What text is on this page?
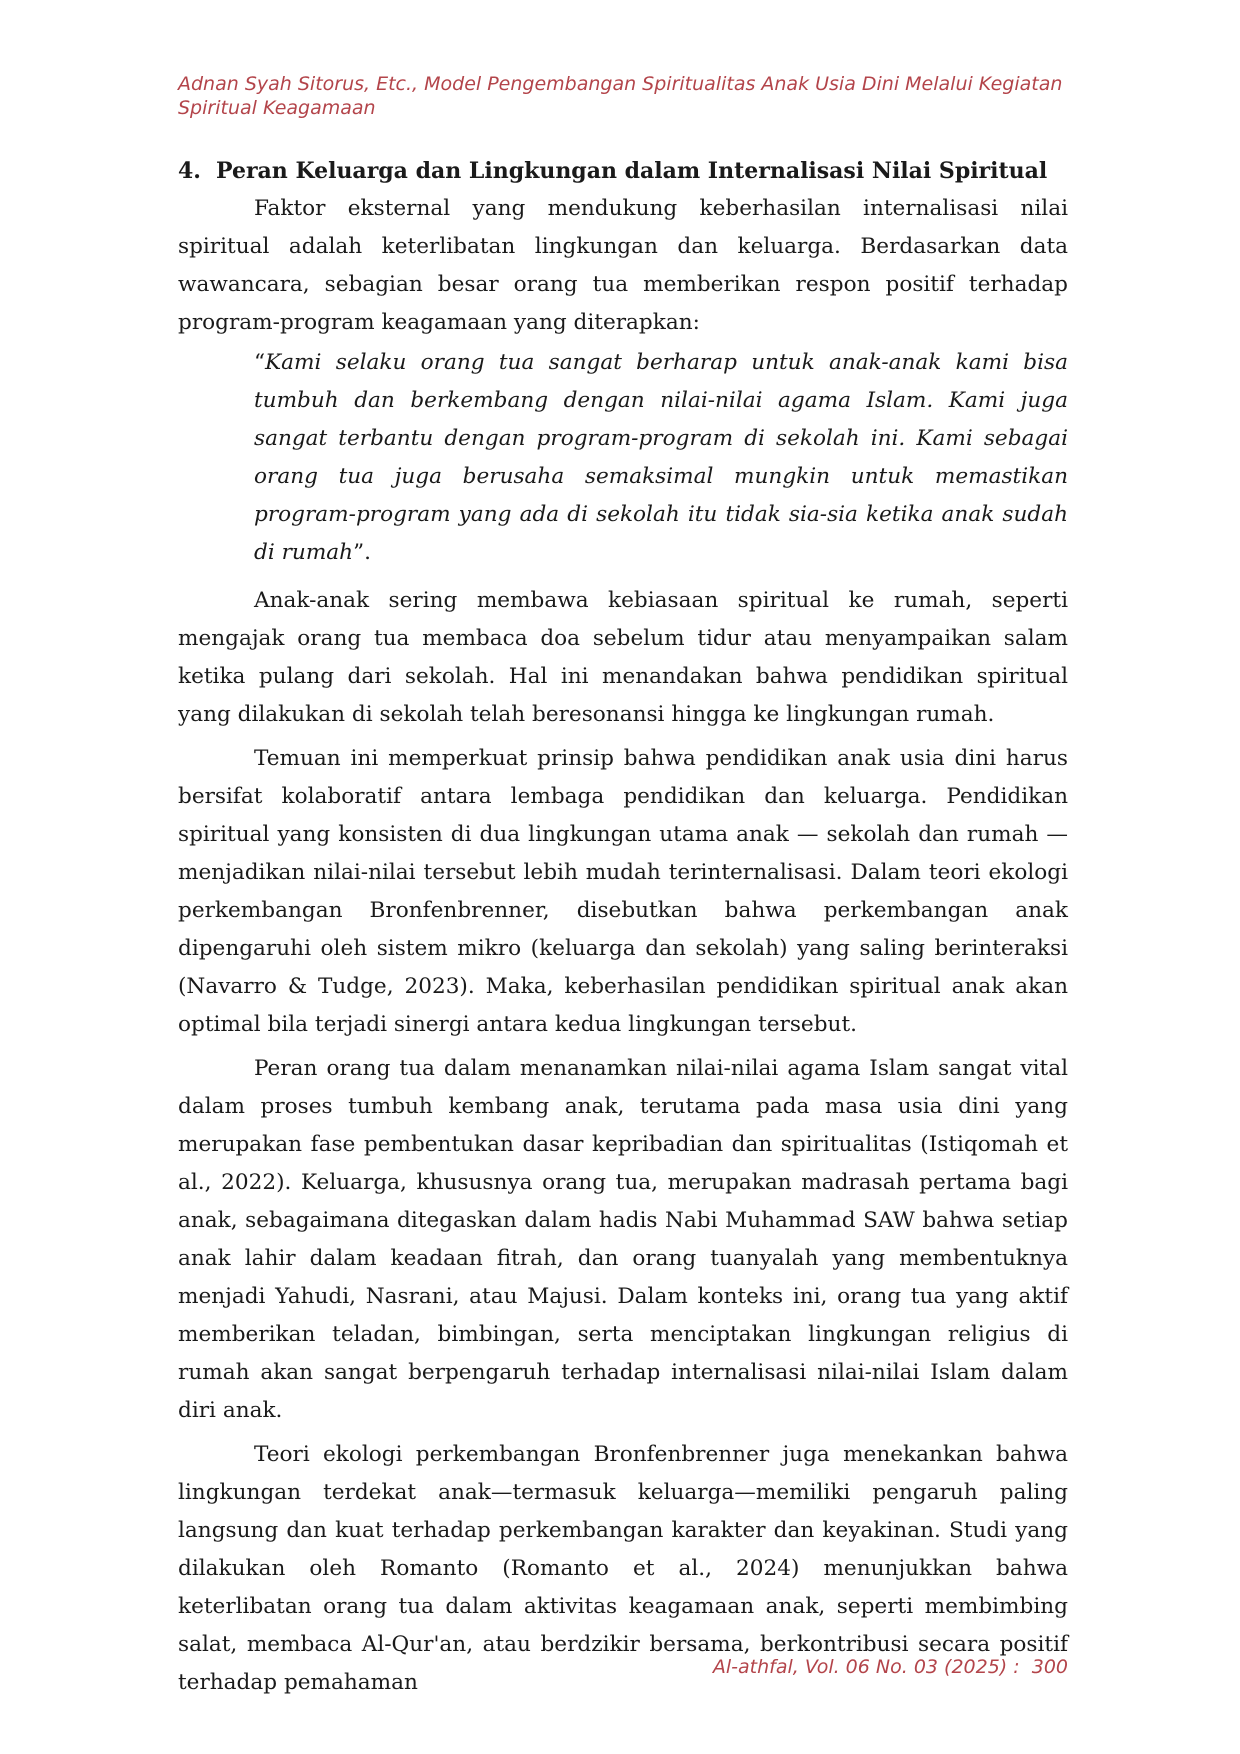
Adnan Syah Sitorus, Etc., Model Pengembangan Spiritualitas Anak Usia Dini Melalui Kegiatan
Spiritual Keagamaan
4. Peran Keluarga dan Lingkungan dalam Internalisasi Nilai Spiritual

Faktor eksternal yang mendukung keberhasilan internalisasi nilai spiritual adalah keterlibatan lingkungan dan keluarga. Berdasarkan data wawancara, sebagian besar orang tua memberikan respon positif terhadap program-program keagamaan yang diterapkan:

“Kami selaku orang tua sangat berharap untuk anak-anak kami bisa tumbuh dan berkembang dengan nilai-nilai agama Islam. Kami juga sangat terbantu dengan program-program di sekolah ini. Kami sebagai orang tua juga berusaha semaksimal mungkin untuk memastikan program-program yang ada di sekolah itu tidak sia-sia ketika anak sudah di rumah”.

Anak-anak sering membawa kebiasaan spiritual ke rumah, seperti mengajak orang tua membaca doa sebelum tidur atau menyampaikan salam ketika pulang dari sekolah. Hal ini menandakan bahwa pendidikan spiritual yang dilakukan di sekolah telah beresonansi hingga ke lingkungan rumah.

Temuan ini memperkuat prinsip bahwa pendidikan anak usia dini harus bersifat kolaboratif antara lembaga pendidikan dan keluarga. Pendidikan spiritual yang konsisten di dua lingkungan utama anak — sekolah dan rumah — menjadikan nilai-nilai tersebut lebih mudah terinternalisasi. Dalam teori ekologi perkembangan Bronfenbrenner, disebutkan bahwa perkembangan anak dipengaruhi oleh sistem mikro (keluarga dan sekolah) yang saling berinteraksi (Navarro & Tudge, 2023). Maka, keberhasilan pendidikan spiritual anak akan optimal bila terjadi sinergi antara kedua lingkungan tersebut.

Peran orang tua dalam menanamkan nilai-nilai agama Islam sangat vital dalam proses tumbuh kembang anak, terutama pada masa usia dini yang merupakan fase pembentukan dasar kepribadian dan spiritualitas (Istiqomah et al., 2022). Keluarga, khususnya orang tua, merupakan madrasah pertama bagi anak, sebagaimana ditegaskan dalam hadis Nabi Muhammad SAW bahwa setiap anak lahir dalam keadaan fitrah, dan orang tuanyalah yang membentuknya menjadi Yahudi, Nasrani, atau Majusi. Dalam konteks ini, orang tua yang aktif memberikan teladan, bimbingan, serta menciptakan lingkungan religius di rumah akan sangat berpengaruh terhadap internalisasi nilai-nilai Islam dalam diri anak.

Teori ekologi perkembangan Bronfenbrenner juga menekankan bahwa lingkungan terdekat anak—termasuk keluarga—memiliki pengaruh paling langsung dan kuat terhadap perkembangan karakter dan keyakinan. Studi yang dilakukan oleh Romanto (Romanto et al., 2024) menunjukkan bahwa keterlibatan orang tua dalam aktivitas keagamaan anak, seperti membimbing salat, membaca Al-Qur'an, atau berdzikir bersama, berkontribusi secara positif terhadap pemahaman

Al-athfal, Vol. 06 No. 03 (2025) :  300
